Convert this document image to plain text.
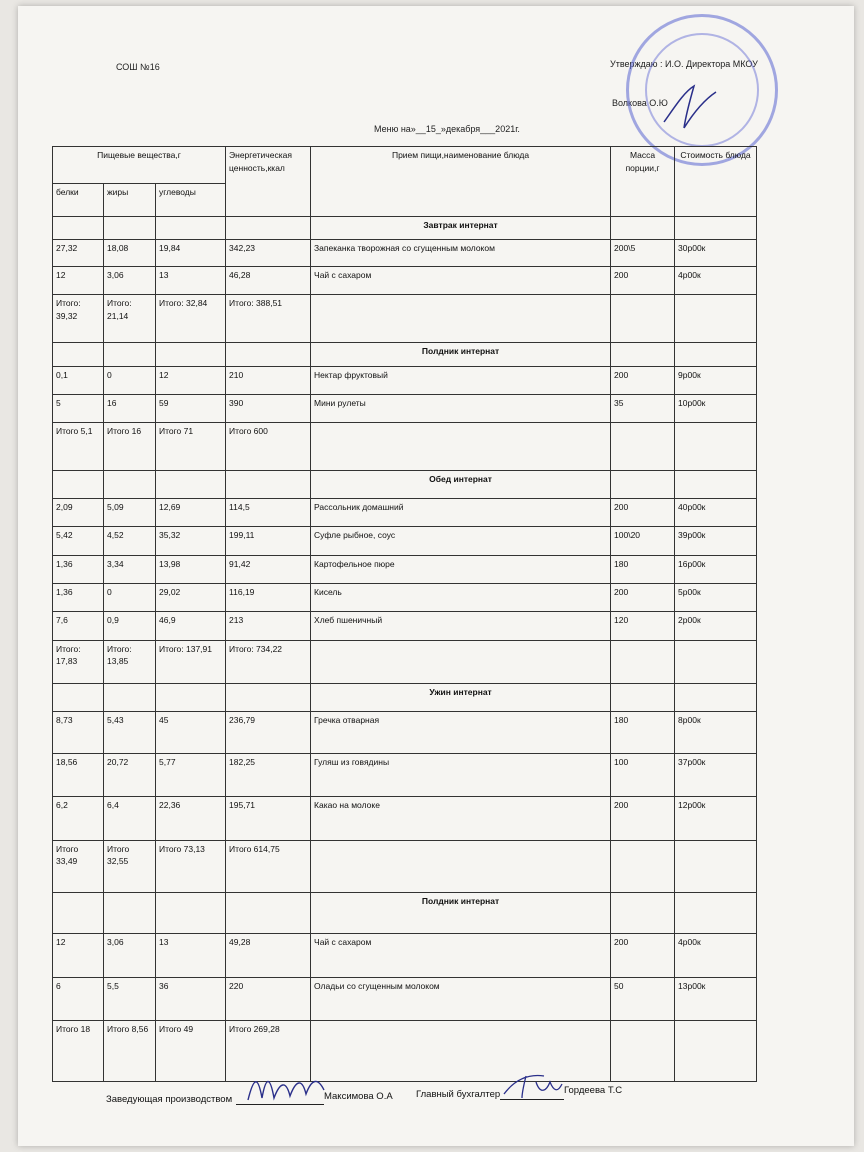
СОШ №16	Утверждаю : И.О. Директора МКОУ
Волкова О.Ю
Меню на»__15_»декабря___2021г.
Пищевые вещества,г			Энергетическая ценность,ккал	Прием пищи,наименование блюда	Масса порции,г	Стоимость блюда
белки	жиры	углеводы				
				Завтрак интернат		
27,32	18,08	19,84	342,23	Запеканка творожная со сгущенным молоком	200\5	30р00к
12	3,06	13	46,28	Чай с сахаром	200	4р00к
Итого: 39,32	Итого: 21,14	Итого: 32,84	Итого: 388,51			
				Полдник интернат		
0,1	0	12	210	Нектар фруктовый	200	9р00к
5	16	59	390	Мини рулеты	35	10р00к
Итого 5,1	Итого 16	Итого 71	Итого 600			
				Обед интернат		
2,09	5,09	12,69	114,5	Рассольник домашний	200	40р00к
5,42	4,52	35,32	199,11	Суфле рыбное, соус	100\20	39р00к
1,36	3,34	13,98	91,42	Картофельное пюре	180	16р00к
1,36	0	29,02	116,19	Кисель	200	5р00к
7,6	0,9	46,9	213	Хлеб пшеничный	120	2р00к
Итого: 17,83	Итого: 13,85	Итого: 137,91	Итого: 734,22			
				Ужин интернат		
8,73	5,43	45	236,79	Гречка отварная	180	8р00к
18,56	20,72	5,77	182,25	Гуляш из говядины	100	37р00к
6,2	6,4	22,36	195,71	Какао на молоке	200	12р00к
Итого 33,49	Итого 32,55	Итого 73,13	Итого 614,75			
				Полдник интернат		
12	3,06	13	49,28	Чай с сахаром	200	4р00к
6	5,5	36	220	Оладьи со сгущенным молоком	50	13р00к
Итого 18	Итого 8,56	Итого 49	Итого 269,28			
Заведующая производством	Максимова О.А Главный бухгалтер	Гордеева Т.С
